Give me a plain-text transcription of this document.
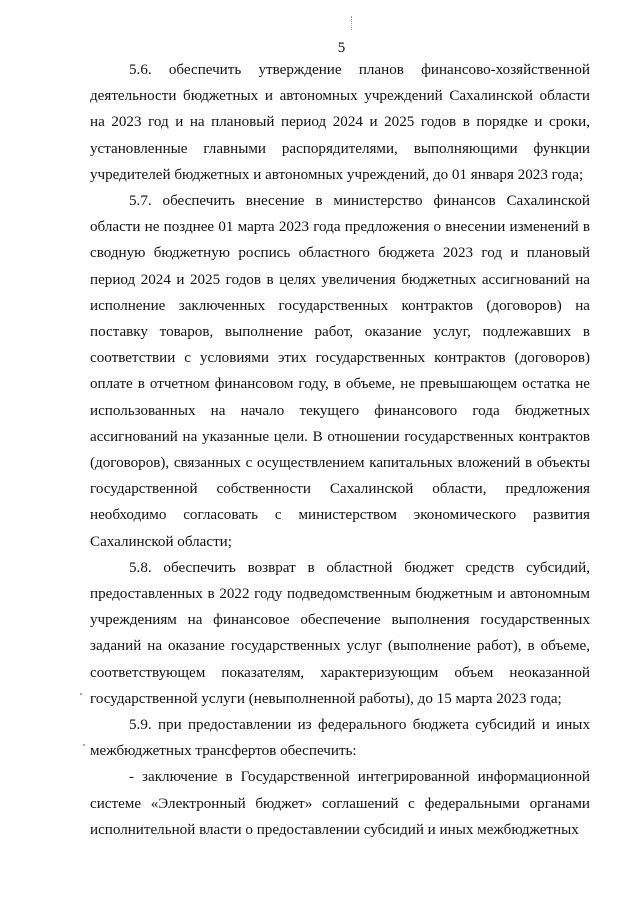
5

5.6. обеспечить утверждение планов финансово-хозяйственной деятельности бюджетных и автономных учреждений Сахалинской области на 2023 год и на плановый период 2024 и 2025 годов в порядке и сроки, установленные главными распорядителями, выполняющими функции учредителей бюджетных и автономных учреждений, до 01 января 2023 года;

5.7. обеспечить внесение в министерство финансов Сахалинской области не позднее 01 марта 2023 года предложения о внесении изменений в сводную бюджетную роспись областного бюджета 2023 год и плановый период 2024 и 2025 годов в целях увеличения бюджетных ассигнований на исполнение заключенных государственных контрактов (договоров) на поставку товаров, выполнение работ, оказание услуг, подлежавших в соответствии с условиями этих государственных контрактов (договоров) оплате в отчетном финансовом году, в объеме, не превышающем остатка не использованных на начало текущего финансового года бюджетных ассигнований на указанные цели. В отношении государственных контрактов (договоров), связанных с осуществлением капитальных вложений в объекты государственной собственности Сахалинской области, предложения необходимо согласовать с министерством экономического развития Сахалинской области;

5.8. обеспечить возврат в областной бюджет средств субсидий, предоставленных в 2022 году подведомственным бюджетным и автономным учреждениям на финансовое обеспечение выполнения государственных заданий на оказание государственных услуг (выполнение работ), в объеме, соответствующем показателям, характеризующим объем неоказанной государственной услуги (невыполненной работы), до 15 марта 2023 года;

5.9. при предоставлении из федерального бюджета субсидий и иных межбюджетных трансфертов обеспечить:

- заключение в Государственной интегрированной информационной системе «Электронный бюджет» соглашений с федеральными органами исполнительной власти о предоставлении субсидий и иных межбюджетных
